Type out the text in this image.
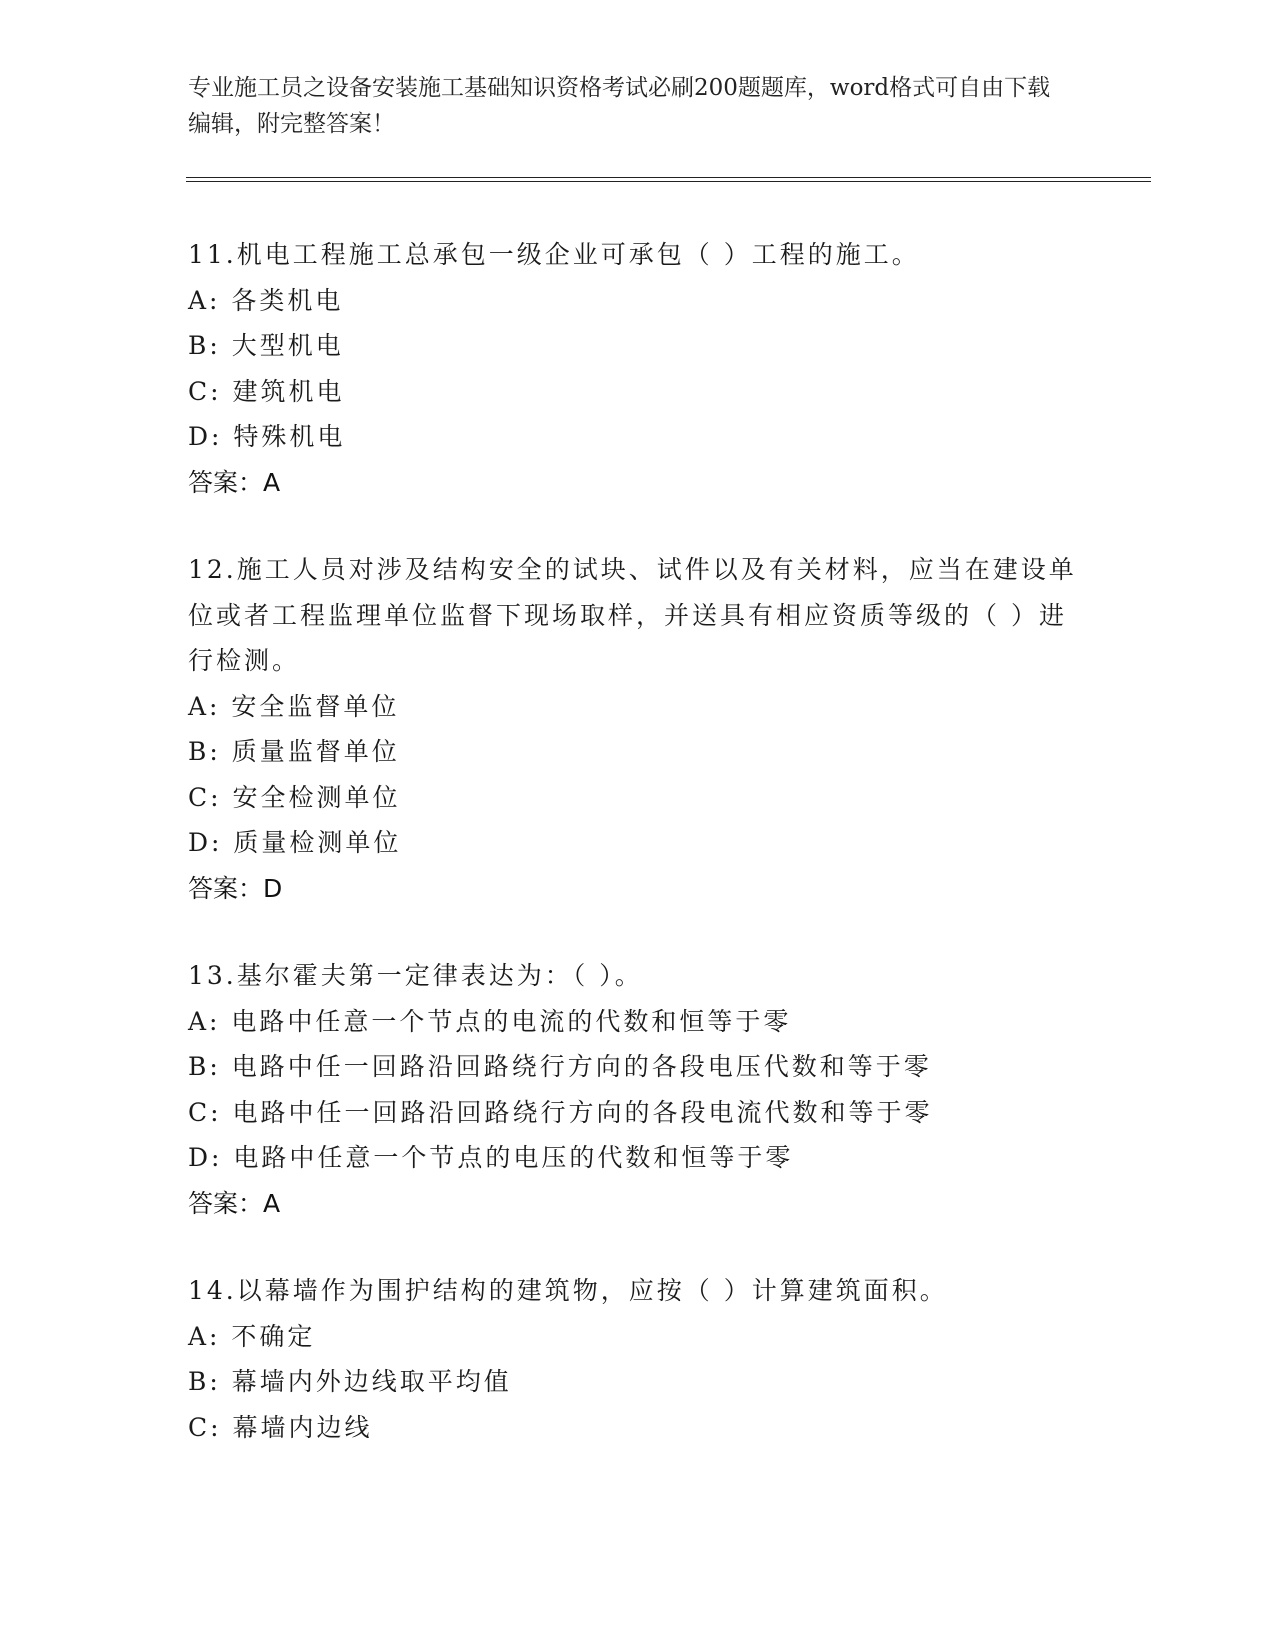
专业施工员之设备安装施工基础知识资格考试必刷200题题库，word格式可自由下载编辑，附完整答案！
11.机电工程施工总承包一级企业可承包（ ）工程的施工。
A: 各类机电
B: 大型机电
C: 建筑机电
D: 特殊机电
答案：A
12.施工人员对涉及结构安全的试块、试件以及有关材料，应当在建设单位或者工程监理单位监督下现场取样，并送具有相应资质等级的（ ）进行检测。
A: 安全监督单位
B: 质量监督单位
C: 安全检测单位
D: 质量检测单位
答案：D
13.基尔霍夫第一定律表达为：（ ）。
A: 电路中任意一个节点的电流的代数和恒等于零
B: 电路中任一回路沿回路绕行方向的各段电压代数和等于零
C: 电路中任一回路沿回路绕行方向的各段电流代数和等于零
D: 电路中任意一个节点的电压的代数和恒等于零
答案：A
14.以幕墙作为围护结构的建筑物，应按（ ）计算建筑面积。
A: 不确定
B: 幕墙内外边线取平均值
C: 幕墙内边线
